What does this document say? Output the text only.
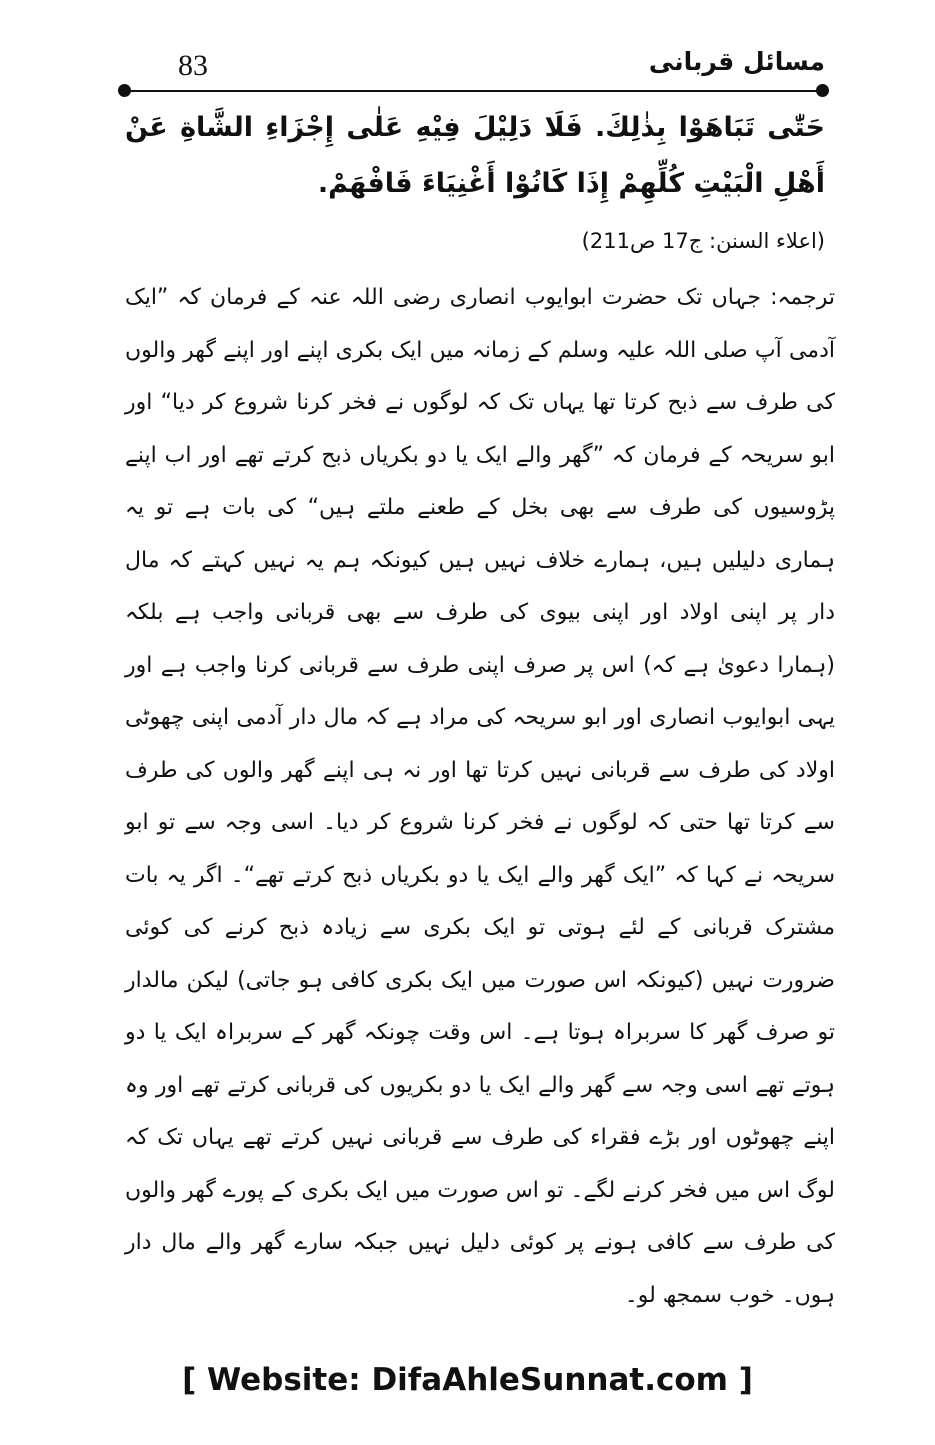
83	مسائل قربانی
حَتّٰی تَبَاهَوْا بِذٰلِكَ. فَلَا دَلِيْلَ فِيْهِ عَلٰى إِجْزَاءِ الشَّاةِ عَنْ أَهْلِ الْبَيْتِ كُلِّهِمْ إِذَا كَانُوْا أَغْنِيَاءَ فَافْهَمْ.
(اعلاء السنن: ج17 ص211)
ترجمہ: جہاں تک حضرت ابوایوب انصاری رضی اللہ عنہ کے فرمان کہ ”ایک آدمی آپ صلی اللہ علیہ وسلم کے زمانہ میں ایک بکری اپنے اور اپنے گھر والوں کی طرف سے ذبح کرتا تھا یہاں تک کہ لوگوں نے فخر کرنا شروع کر دیا“ اور ابو سریحہ کے فرمان کہ ”گھر والے ایک یا دو بکریاں ذبح کرتے تھے اور اب اپنے پڑوسیوں کی طرف سے بھی بخل کے طعنے ملتے ہیں“ کی بات ہے تو یہ ہماری دلیلیں ہیں، ہمارے خلاف نہیں ہیں کیونکہ ہم یہ نہیں کہتے کہ مال دار پر اپنی اولاد اور اپنی بیوی کی طرف سے بھی قربانی واجب ہے بلکہ (ہمارا دعویٰ ہے کہ) اس پر صرف اپنی طرف سے قربانی کرنا واجب ہے اور یہی ابوایوب انصاری اور ابو سریحہ کی مراد ہے کہ مال دار آدمی اپنی چھوٹی اولاد کی طرف سے قربانی نہیں کرتا تھا اور نہ ہی اپنے گھر والوں کی طرف سے کرتا تھا حتی کہ لوگوں نے فخر کرنا شروع کر دیا۔ اسی وجہ سے تو ابو سریحہ نے کہا کہ ”ایک گھر والے ایک یا دو بکریاں ذبح کرتے تھے“۔ اگر یہ بات مشترک قربانی کے لئے ہوتی تو ایک بکری سے زیادہ ذبح کرنے کی کوئی ضرورت نہیں (کیونکہ اس صورت میں ایک بکری کافی ہو جاتی) لیکن مالدار تو صرف گھر کا سربراہ ہوتا ہے۔ اس وقت چونکہ گھر کے سربراہ ایک یا دو ہوتے تھے اسی وجہ سے گھر والے ایک یا دو بکریوں کی قربانی کرتے تھے اور وہ اپنے چھوٹوں اور بڑے فقراء کی طرف سے قربانی نہیں کرتے تھے یہاں تک کہ لوگ اس میں فخر کرنے لگے۔ تو اس صورت میں ایک بکری کے پورے گھر والوں کی طرف سے کافی ہونے پر کوئی دلیل نہیں جبکہ سارے گھر والے مال دار ہوں۔ خوب سمجھ لو۔
[ Website: DifaAhleSunnat.com ]
